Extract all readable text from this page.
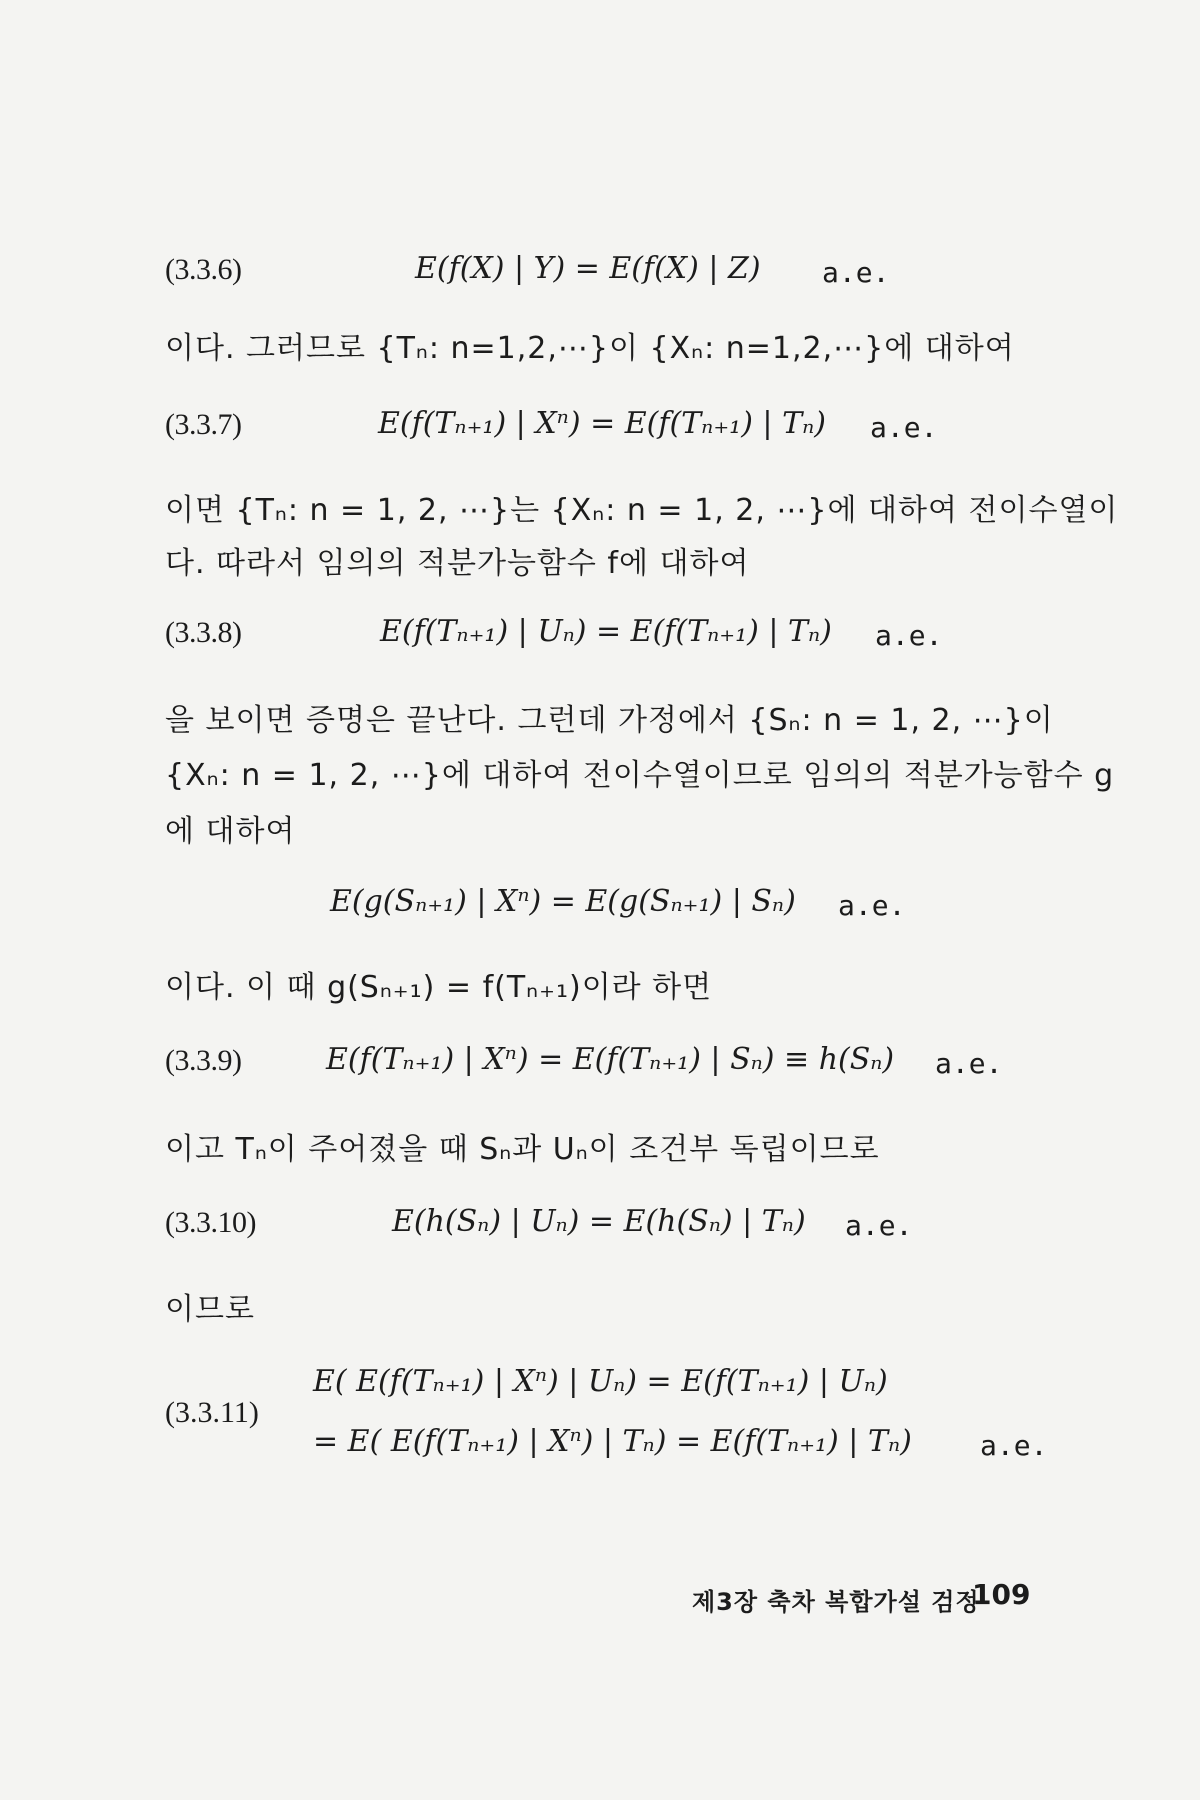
(3.3.6)	E(f(X) | Y) = E(f(X) | Z) a.e.
이다. 그러므로 {Tₙ: n=1,2,⋯}이 {Xₙ: n=1,2,⋯}에 대하여
(3.3.7)	E(f(Tₙ₊₁) | Xⁿ) = E(f(Tₙ₊₁) | Tₙ) a.e.
이면 {Tₙ: n = 1, 2, ⋯}는 {Xₙ: n = 1, 2, ⋯}에 대하여 전이수열이
다. 따라서 임의의 적분가능함수 f에 대하여
(3.3.8)	E(f(Tₙ₊₁) | Uₙ) = E(f(Tₙ₊₁) | Tₙ) a.e.
을 보이면 증명은 끝난다. 그런데 가정에서 {Sₙ: n = 1, 2, ⋯}이
{Xₙ: n = 1, 2, ⋯}에 대하여 전이수열이므로 임의의 적분가능함수 g
에 대하여
E(g(Sₙ₊₁) | Xⁿ) = E(g(Sₙ₊₁) | Sₙ) a.e.
이다. 이 때 g(Sₙ₊₁) = f(Tₙ₊₁)이라 하면
(3.3.9)	E(f(Tₙ₊₁) | Xⁿ) = E(f(Tₙ₊₁) | Sₙ) ≡ h(Sₙ) a.e.
이고 Tₙ이 주어졌을 때 Sₙ과 Uₙ이 조건부 독립이므로
(3.3.10)	E(h(Sₙ) | Uₙ) = E(h(Sₙ) | Tₙ) a.e.
이므로
(3.3.11)
E( E(f(Tₙ₊₁) | Xⁿ) | Uₙ) = E(f(Tₙ₊₁) | Uₙ)
= E( E(f(Tₙ₊₁) | Xⁿ) | Tₙ) = E(f(Tₙ₊₁) | Tₙ) a.e.
제3장 축차 복합가설 검정
109
